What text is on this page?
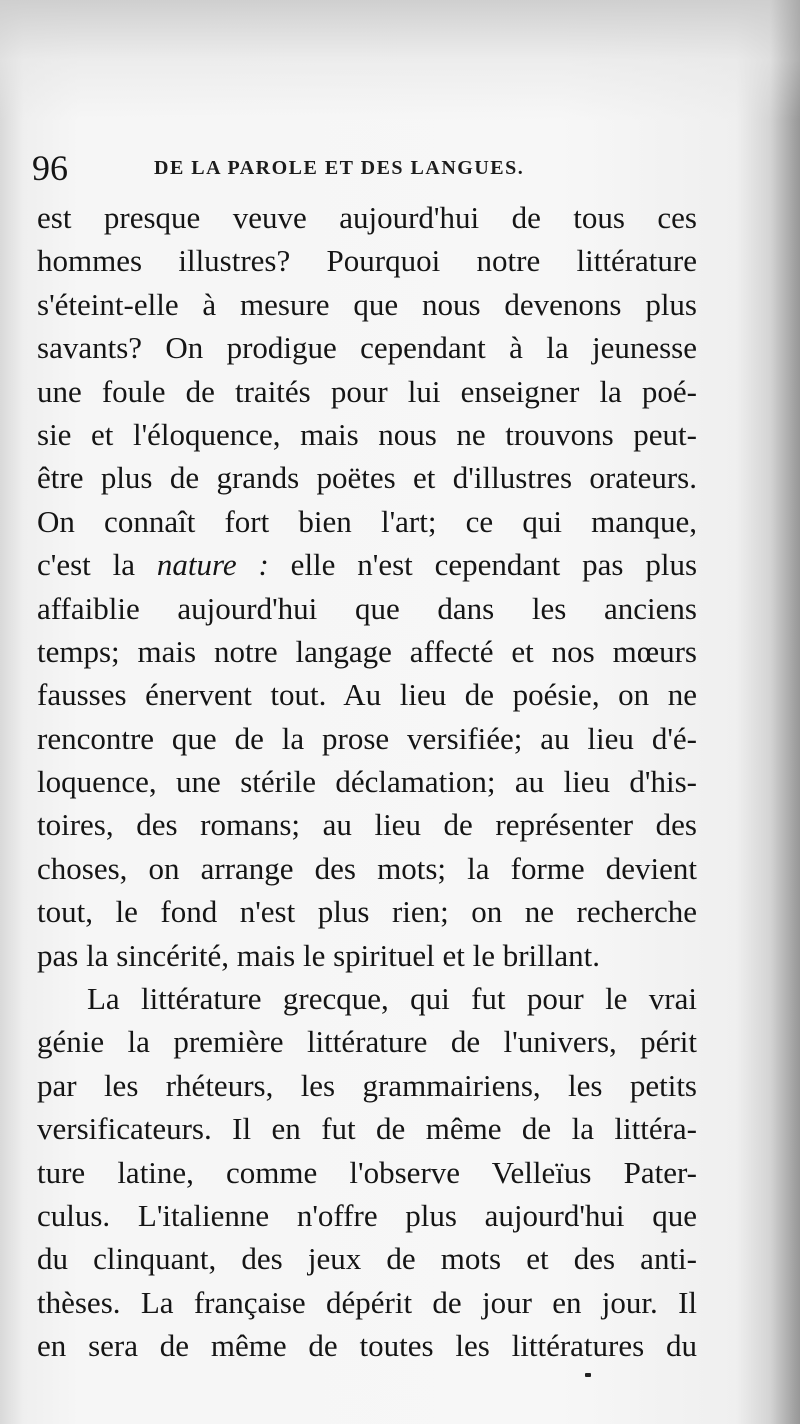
96	DE LA PAROLE ET DES LANGUES.
est presque veuve aujourd'hui de tous ces
hommes illustres? Pourquoi notre littérature
s'éteint-elle à mesure que nous devenons plus
savants? On prodigue cependant à la jeunesse
une foule de traités pour lui enseigner la poé-
sie et l'éloquence, mais nous ne trouvons peut-
être plus de grands poëtes et d'illustres orateurs.
On connaît fort bien l'art; ce qui manque,
c'est la nature : elle n'est cependant pas plus
affaiblie aujourd'hui que dans les anciens
temps; mais notre langage affecté et nos mœurs
fausses énervent tout. Au lieu de poésie, on ne
rencontre que de la prose versifiée; au lieu d'é-
loquence, une stérile déclamation; au lieu d'his-
toires, des romans; au lieu de représenter des
choses, on arrange des mots; la forme devient
tout, le fond n'est plus rien; on ne recherche
pas la sincérité, mais le spirituel et le brillant.
La littérature grecque, qui fut pour le vrai
génie la première littérature de l'univers, périt
par les rhéteurs, les grammairiens, les petits
versificateurs. Il en fut de même de la littéra-
ture latine, comme l'observe Velleïus Pater-
culus. L'italienne n'offre plus aujourd'hui que
du clinquant, des jeux de mots et des anti-
thèses. La française dépérit de jour en jour. Il
en sera de même de toutes les littératures du
